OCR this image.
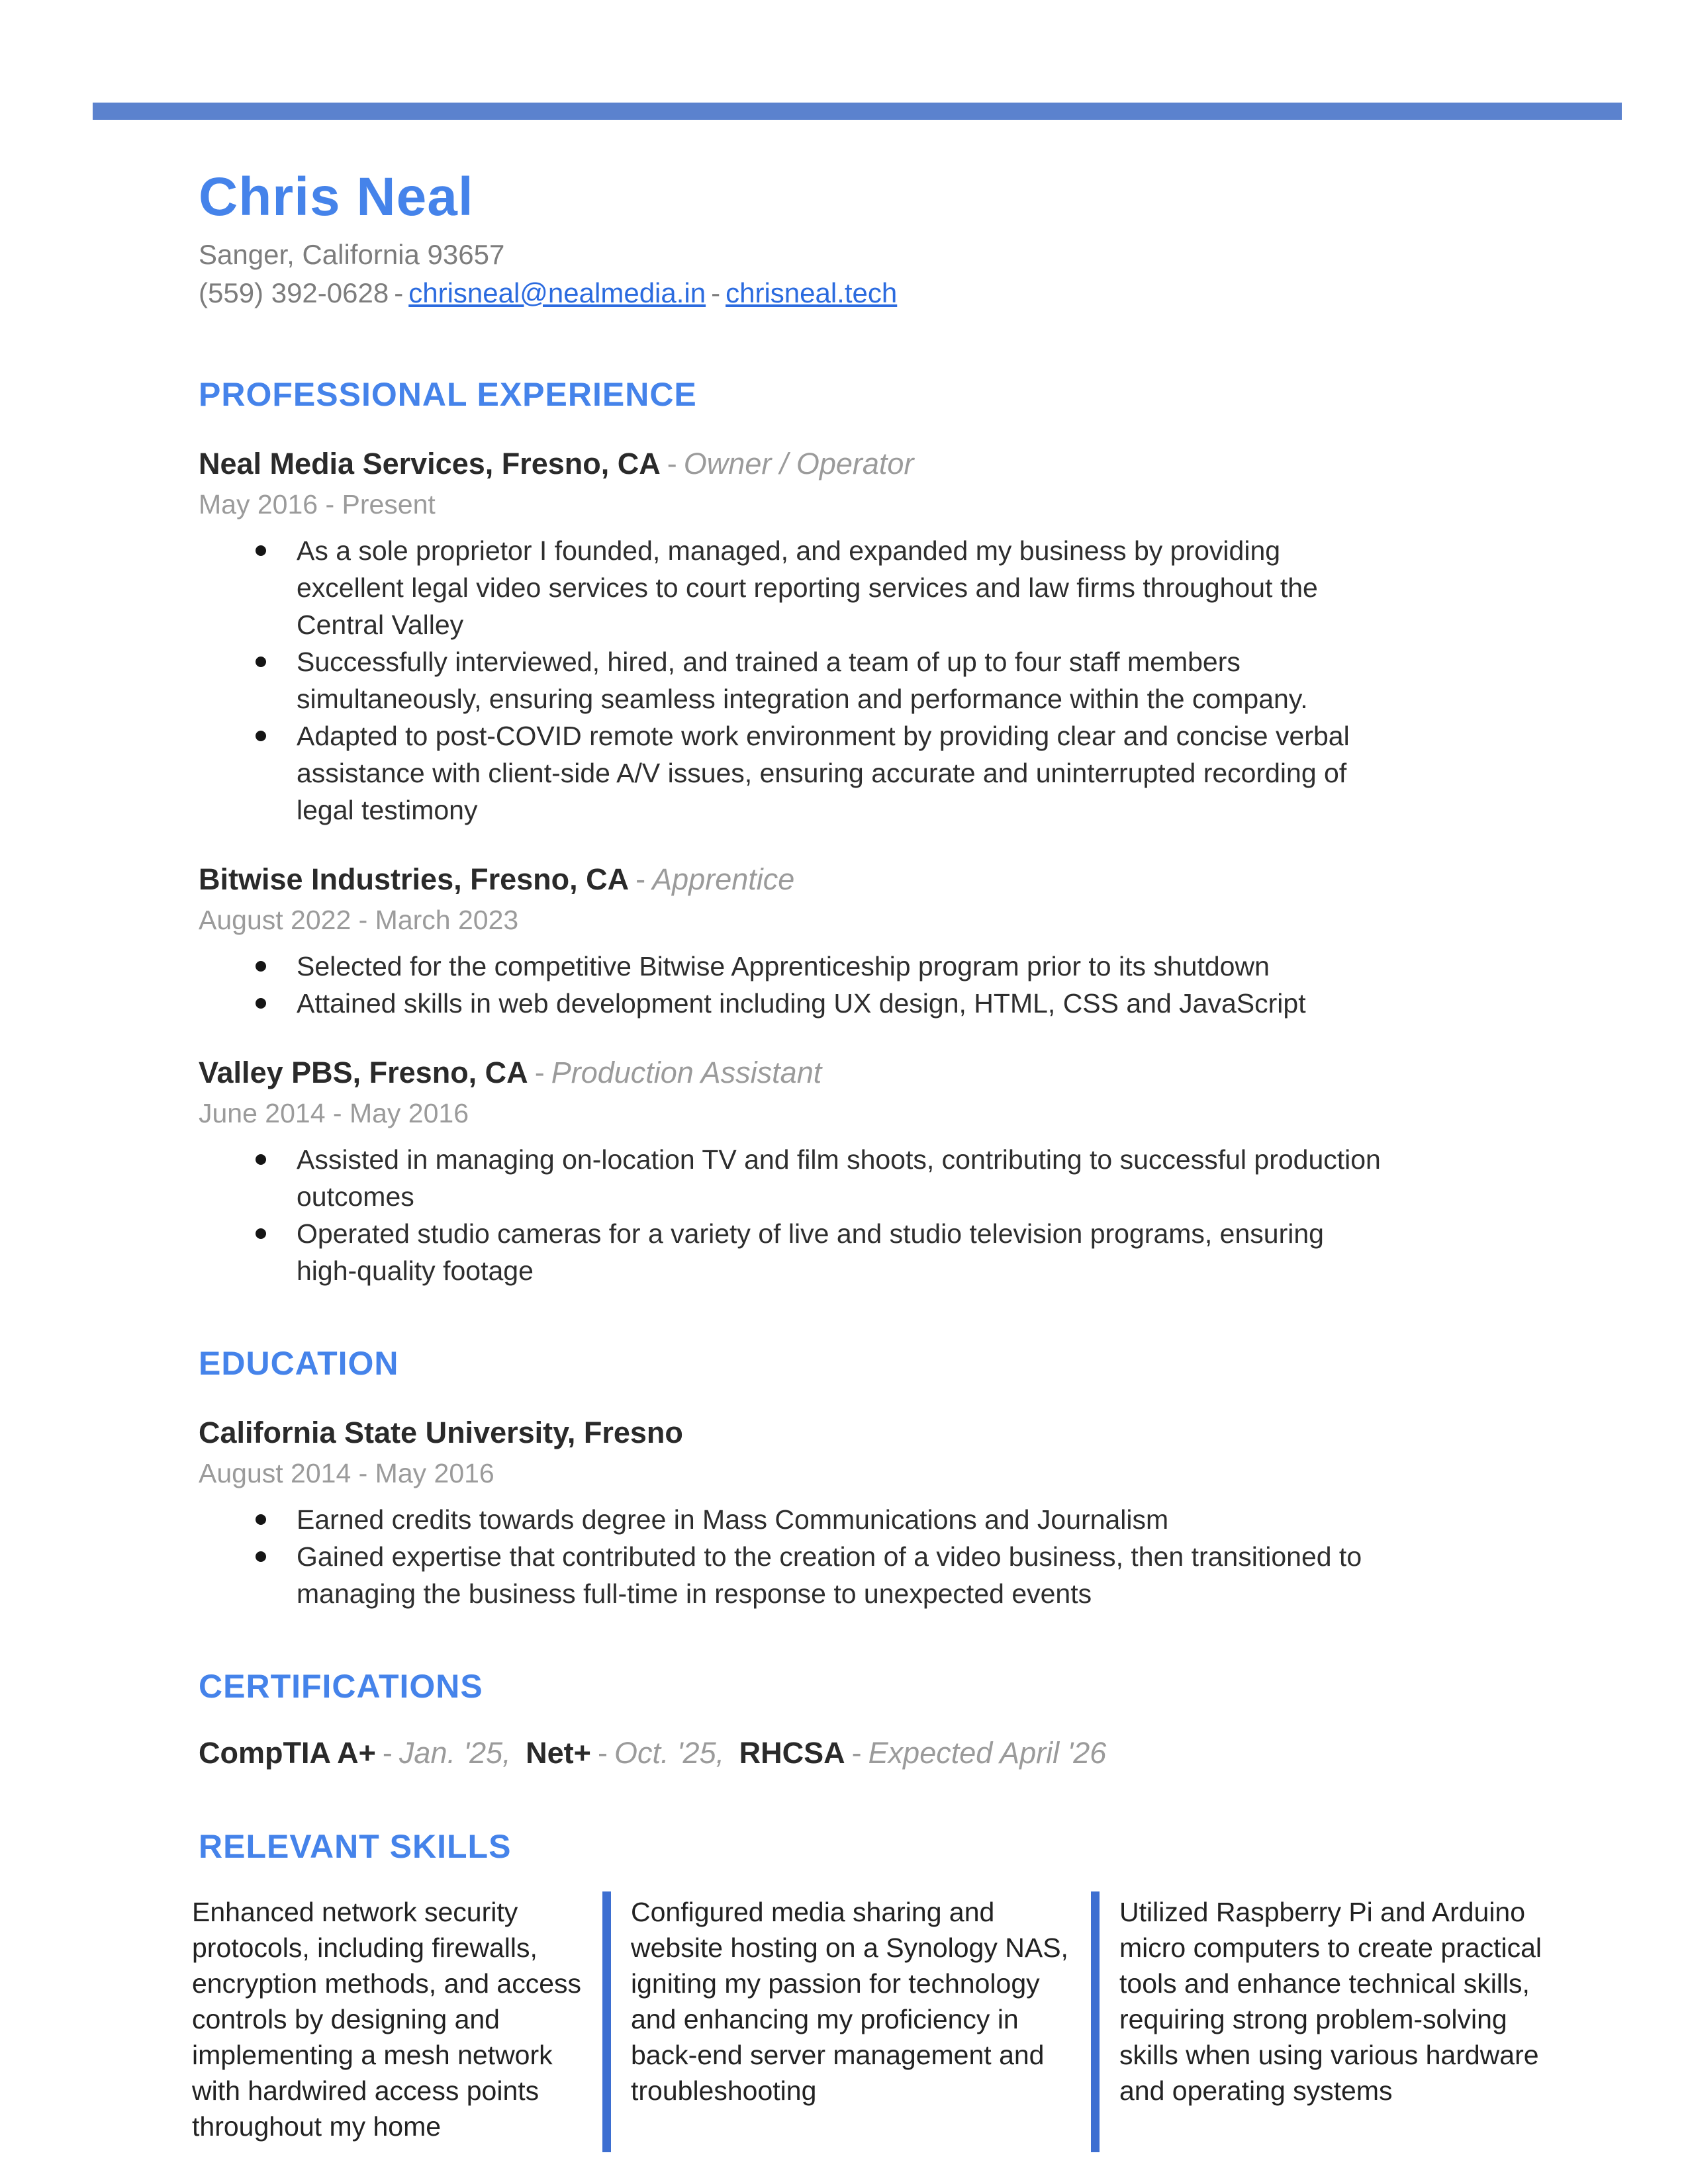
Chris Neal
Sanger, California 93657
(559) 392-0628 - chrisneal@nealmedia.in - chrisneal.tech
PROFESSIONAL EXPERIENCE
Neal Media Services, Fresno, CA - Owner / Operator
May 2016 - Present
As a sole proprietor I founded, managed, and expanded my business by providing excellent legal video services to court reporting services and law firms throughout the Central Valley
Successfully interviewed, hired, and trained a team of up to four staff members simultaneously, ensuring seamless integration and performance within the company.
Adapted to post-COVID remote work environment by providing clear and concise verbal assistance with client-side A/V issues, ensuring accurate and uninterrupted recording of legal testimony
Bitwise Industries, Fresno, CA - Apprentice
August 2022 - March 2023
Selected for the competitive Bitwise Apprenticeship program prior to its shutdown
Attained skills in web development including UX design, HTML, CSS and JavaScript
Valley PBS, Fresno, CA - Production Assistant
June 2014 - May 2016
Assisted in managing on-location TV and film shoots, contributing to successful production outcomes
Operated studio cameras for a variety of live and studio television programs, ensuring high-quality footage
EDUCATION
California State University, Fresno
August 2014 - May 2016
Earned credits towards degree in Mass Communications and Journalism
Gained expertise that contributed to the creation of a video business, then transitioned to managing the business full-time in response to unexpected events
CERTIFICATIONS

CompTIA A+ - Jan. '25, Net+ - Oct. '25, RHCSA - Expected April '26

RELEVANT SKILLS
Enhanced network security protocols, including firewalls, encryption methods, and access controls by designing and implementing a mesh network with hardwired access points throughout my home
Configured media sharing and website hosting on a Synology NAS, igniting my passion for technology and enhancing my proficiency in back-end server management and troubleshooting
Utilized Raspberry Pi and Arduino micro computers to create practical tools and enhance technical skills, requiring strong problem-solving skills when using various hardware and operating systems
